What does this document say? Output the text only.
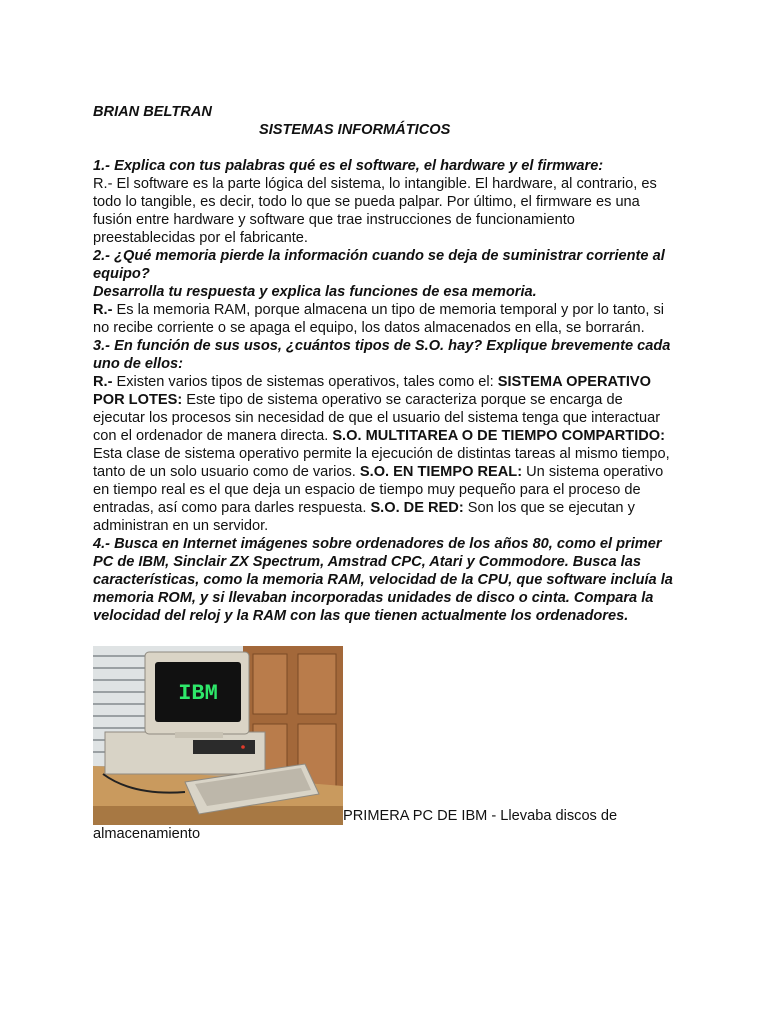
BRIAN BELTRAN

SISTEMAS INFORMÁTICOS

1.- Explica con tus palabras qué es el software, el hardware y el firmware:

R.- El software es la parte lógica del sistema, lo intangible. El hardware, al contrario, es todo lo tangible, es decir, todo lo que se pueda palpar. Por último, el firmware es una fusión entre hardware y software que trae instrucciones de funcionamiento preestablecidas por el fabricante.

2.- ¿Qué memoria pierde la información cuando se deja de suministrar corriente al equipo?

Desarrolla tu respuesta y explica las funciones de esa memoria.

R.- Es la memoria RAM, porque almacena un tipo de memoria temporal y por lo tanto, si no recibe corriente o se apaga el equipo, los datos almacenados en ella, se borrarán.

3.- En función de sus usos, ¿cuántos tipos de S.O. hay? Explique brevemente cada uno de ellos:

R.- Existen varios tipos de sistemas operativos, tales como el: SISTEMA OPERATIVO POR LOTES: Este tipo de sistema operativo se caracteriza porque se encarga de ejecutar los procesos sin necesidad de que el usuario del sistema tenga que interactuar con el ordenador de manera directa. S.O. MULTITAREA O DE TIEMPO COMPARTIDO: Esta clase de sistema operativo permite la ejecución de distintas tareas al mismo tiempo, tanto de un solo usuario como de varios. S.O. EN TIEMPO REAL: Un sistema operativo en tiempo real es el que deja un espacio de tiempo muy pequeño para el proceso de entradas, así como para darles respuesta. S.O. DE RED: Son los que se ejecutan y administran en un servidor.

4.- Busca en Internet imágenes sobre ordenadores de los años 80, como el primer PC de IBM, Sinclair ZX Spectrum, Amstrad CPC, Atari y Commodore. Busca las características, como la memoria RAM, velocidad de la CPU, que software incluía la memoria ROM, y si llevaban incorporadas unidades de disco o cinta. Compara la velocidad del reloj y la RAM con las que tienen actualmente los ordenadores.

IBM
PRIMERA PC DE IBM - Llevaba discos de almacenamiento
